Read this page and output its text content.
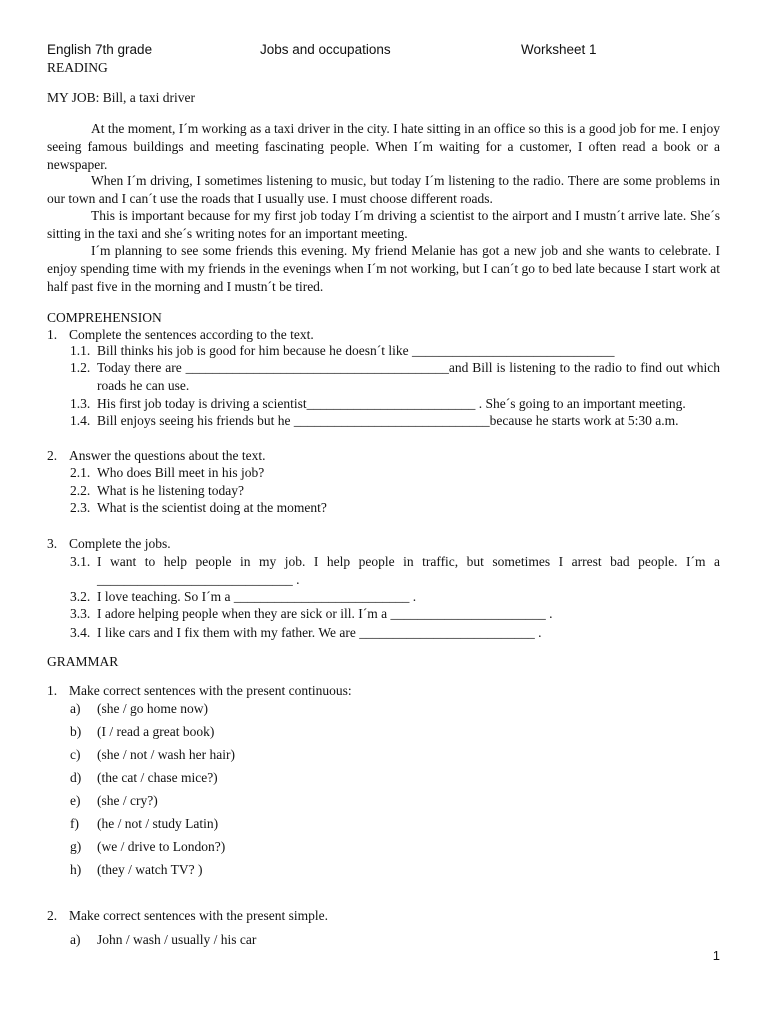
English 7th grade	Jobs and occupations	Worksheet 1
READING
MY JOB: Bill, a taxi driver
At the moment, I´m working as a taxi driver in the city. I hate sitting in an office so this is a good job for me. I enjoy seeing famous buildings and meeting fascinating people. When I´m waiting for a customer, I often read a book or a newspaper.
When I´m driving, I sometimes listening to music, but today I´m listening to the radio. There are some problems in our town and I can´t use the roads that I usually use. I must choose different roads.
This is important because for my first job today I´m driving a scientist to the airport and I mustn´t arrive late. She´s sitting in the taxi and she´s writing notes for an important meeting.
I´m planning to see some friends this evening. My friend Melanie has got a new job and she wants to celebrate. I enjoy spending time with my friends in the evenings when I´m not working, but I can´t go to bed late because I start work at half past five in the morning and I mustn´t be tired.
COMPREHENSION
1. Complete the sentences according to the text.
1.1. Bill thinks his job is good for him because he doesn´t like ______________________________
1.2. Today there are _______________________________________and Bill is listening to the radio to find out which roads he can use.
1.3. His first job today is driving a scientist_________________________ . She´s going to an important meeting.
1.4. Bill enjoys seeing his friends but he _____________________________because he starts work at 5:30 a.m.
2. Answer the questions about the text.
2.1. Who does Bill meet in his job?
2.2. What is he listening today?
2.3. What is the scientist doing at the moment?
3. Complete the jobs.
3.1. I want to help people in my job. I help people in traffic, but sometimes I arrest bad people. I´m a _____________________________ .
3.2. I love teaching. So I´m a __________________________ .
3.3. I adore helping people when they are sick or ill. I´m a _______________________ .
3.4. I like cars and I fix them with my father. We are __________________________ .
GRAMMAR
1. Make correct sentences with the present continuous:
a) (she / go home now)
b) (I / read a great book)
c) (she / not / wash her hair)
d) (the cat / chase mice?)
e) (she / cry?)
f) (he / not / study Latin)
g) (we / drive to London?)
h) (they / watch TV? )
2. Make correct sentences with the present simple.
a) John / wash / usually / his car
1
